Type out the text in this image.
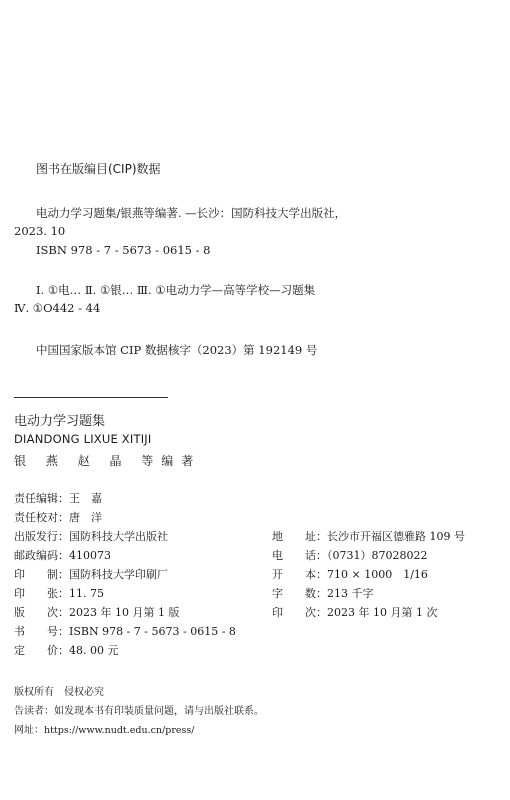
图书在版编目(CIP)数据
电动力学习题集/银燕等编著. —长沙：国防科技大学出版社，
2023. 10
ISBN 978 - 7 - 5673 - 0615 - 8
Ⅰ. ①电… Ⅱ. ①银… Ⅲ. ①电动力学—高等学校—习题集
Ⅳ. ①O442 - 44
中国国家版本馆 CIP 数据核字（2023）第 192149 号
电动力学习题集
DIANDONG LIXUE XITIJI
银 燕 赵 晶 等编著
责任编辑：王　嘉
责任校对：唐　洋
出版发行：国防科技大学出版社	地　　址：长沙市开福区德雅路 109 号
邮政编码：410073	电　　话：（0731）87028022
印　　制：国防科技大学印刷厂	开　　本：710 × 1000　1/16
印　　张：11. 75	字　　数：213 千字
版　　次：2023 年 10 月第 1 版	印　　次：2023 年 10 月第 1 次
书　　号：ISBN 978 - 7 - 5673 - 0615 - 8
定　　价：48. 00 元
版权所有　侵权必究
告读者：如发现本书有印装质量问题，请与出版社联系。
网址：https://www.nudt.edu.cn/press/
